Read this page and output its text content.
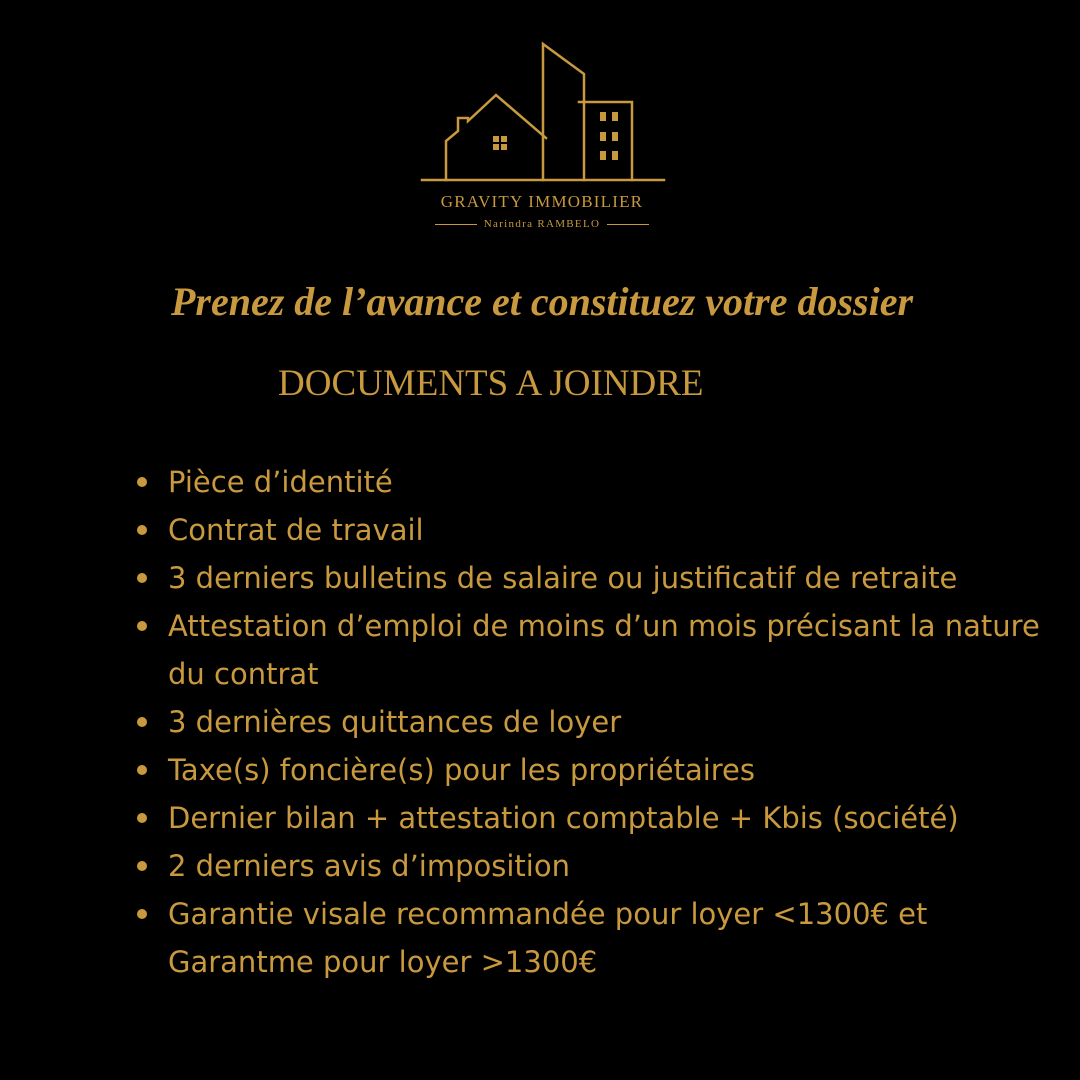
GRAVITY IMMOBILIER
Narindra RAMBELO
Prenez de l’avance et constituez votre dossier
DOCUMENTS A JOINDRE
Pièce d’identité
Contrat de travail
3 derniers bulletins de salaire ou justificatif de retraite
Attestation d’emploi de moins d’un mois précisant la nature du contrat
3 dernières quittances de loyer
Taxe(s) foncière(s) pour les propriétaires
Dernier bilan + attestation comptable + Kbis (société)
2 derniers avis d’imposition
Garantie visale recommandée pour loyer <1300€ et Garantme pour loyer >1300€
